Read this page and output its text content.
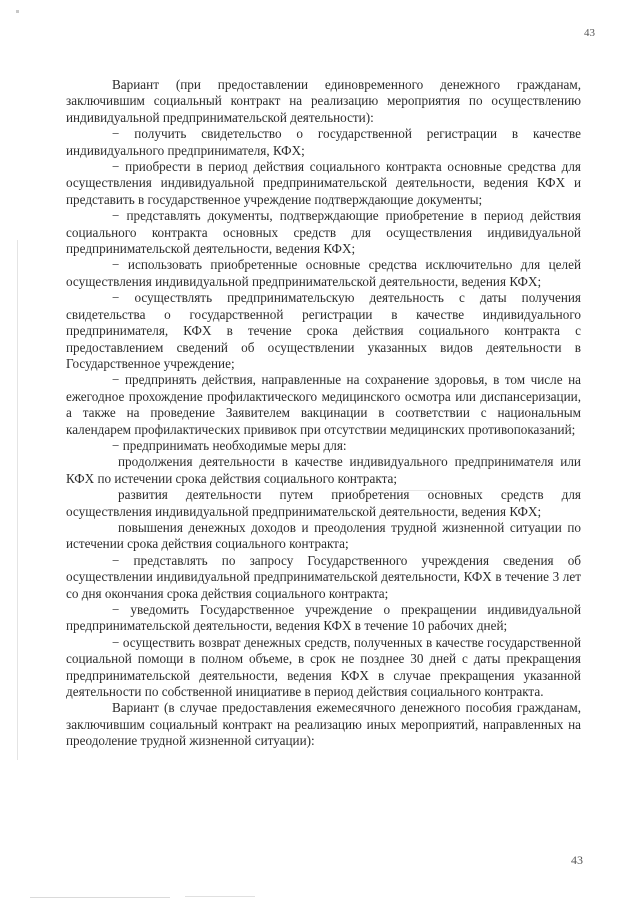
43

Вариант (при предоставлении единовременного денежного гражданам, заключившим социальный контракт на реализацию мероприятия по осуществлению индивидуальной предпринимательской деятельности):

− получить свидетельство о государственной регистрации в качестве индивидуального предпринимателя, КФХ;

− приобрести в период действия социального контракта основные средства для осуществления индивидуальной предпринимательской деятельности, ведения КФХ и представить в государственное учреждение подтверждающие документы;

− представлять документы, подтверждающие приобретение в период действия социального контракта основных средств для осуществления индивидуальной предпринимательской деятельности, ведения КФХ;

− использовать приобретенные основные средства исключительно для целей осуществления индивидуальной предпринимательской деятельности, ведения КФХ;

− осуществлять предпринимательскую деятельность с даты получения свидетельства о государственной регистрации в качестве индивидуального предпринимателя, КФХ в течение срока действия социального контракта с предоставлением сведений об осуществлении указанных видов деятельности в Государственное учреждение;

− предпринять действия, направленные на сохранение здоровья, в том числе на ежегодное прохождение профилактического медицинского осмотра или диспансеризации, а также на проведение Заявителем вакцинации в соответствии с национальным календарем профилактических прививок при отсутствии медицинских противопоказаний;

− предпринимать необходимые меры для:

продолжения деятельности в качестве индивидуального предпринимателя или КФХ по истечении срока действия социального контракта;

развития деятельности путем приобретения основных средств для осуществления индивидуальной предпринимательской деятельности, ведения КФХ;

повышения денежных доходов и преодоления трудной жизненной ситуации по истечении срока действия социального контракта;

− представлять по запросу Государственного учреждения сведения об осуществлении индивидуальной предпринимательской деятельности, КФХ в течение 3 лет со дня окончания срока действия социального контракта;

− уведомить Государственное учреждение о прекращении индивидуальной предпринимательской деятельности, ведения КФХ в течение 10 рабочих дней;

− осуществить возврат денежных средств, полученных в качестве государственной социальной помощи в полном объеме, в срок не позднее 30 дней с даты прекращения предпринимательской деятельности, ведения КФХ в случае прекращения указанной деятельности по собственной инициативе в период действия социального контракта.

Вариант (в случае предоставления ежемесячного денежного пособия гражданам, заключившим социальный контракт на реализацию иных мероприятий, направленных на преодоление трудной жизненной ситуации):

43
